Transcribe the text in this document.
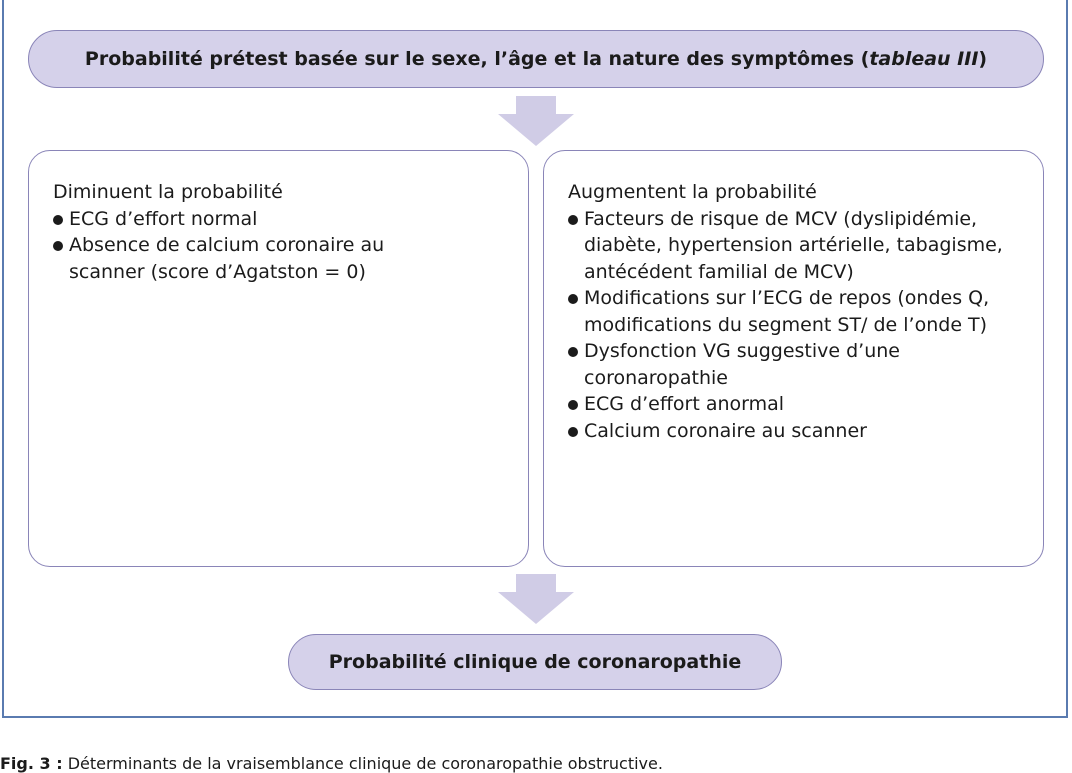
Probabilité prétest basée sur le sexe, l’âge et la nature des symptômes ( tableau III )

Diminuent la probabilité

ECG d’effort normal
Absence de calcium coronaire au scanner (score d’Agatston = 0)

Augmentent la probabilité

Facteurs de risque de MCV (dyslipidémie, diabète, hypertension artérielle, tabagisme, antécédent familial de MCV)
Modifications sur l’ECG de repos (ondes Q, modifications du segment ST/ de l’onde T)
Dysfonction VG suggestive d’une coronaropathie
ECG d’effort anormal
Calcium coronaire au scanner
Probabilité clinique de coronaropathie
Fig. 3 : Déterminants de la vraisemblance clinique de coronaropathie obstructive.
